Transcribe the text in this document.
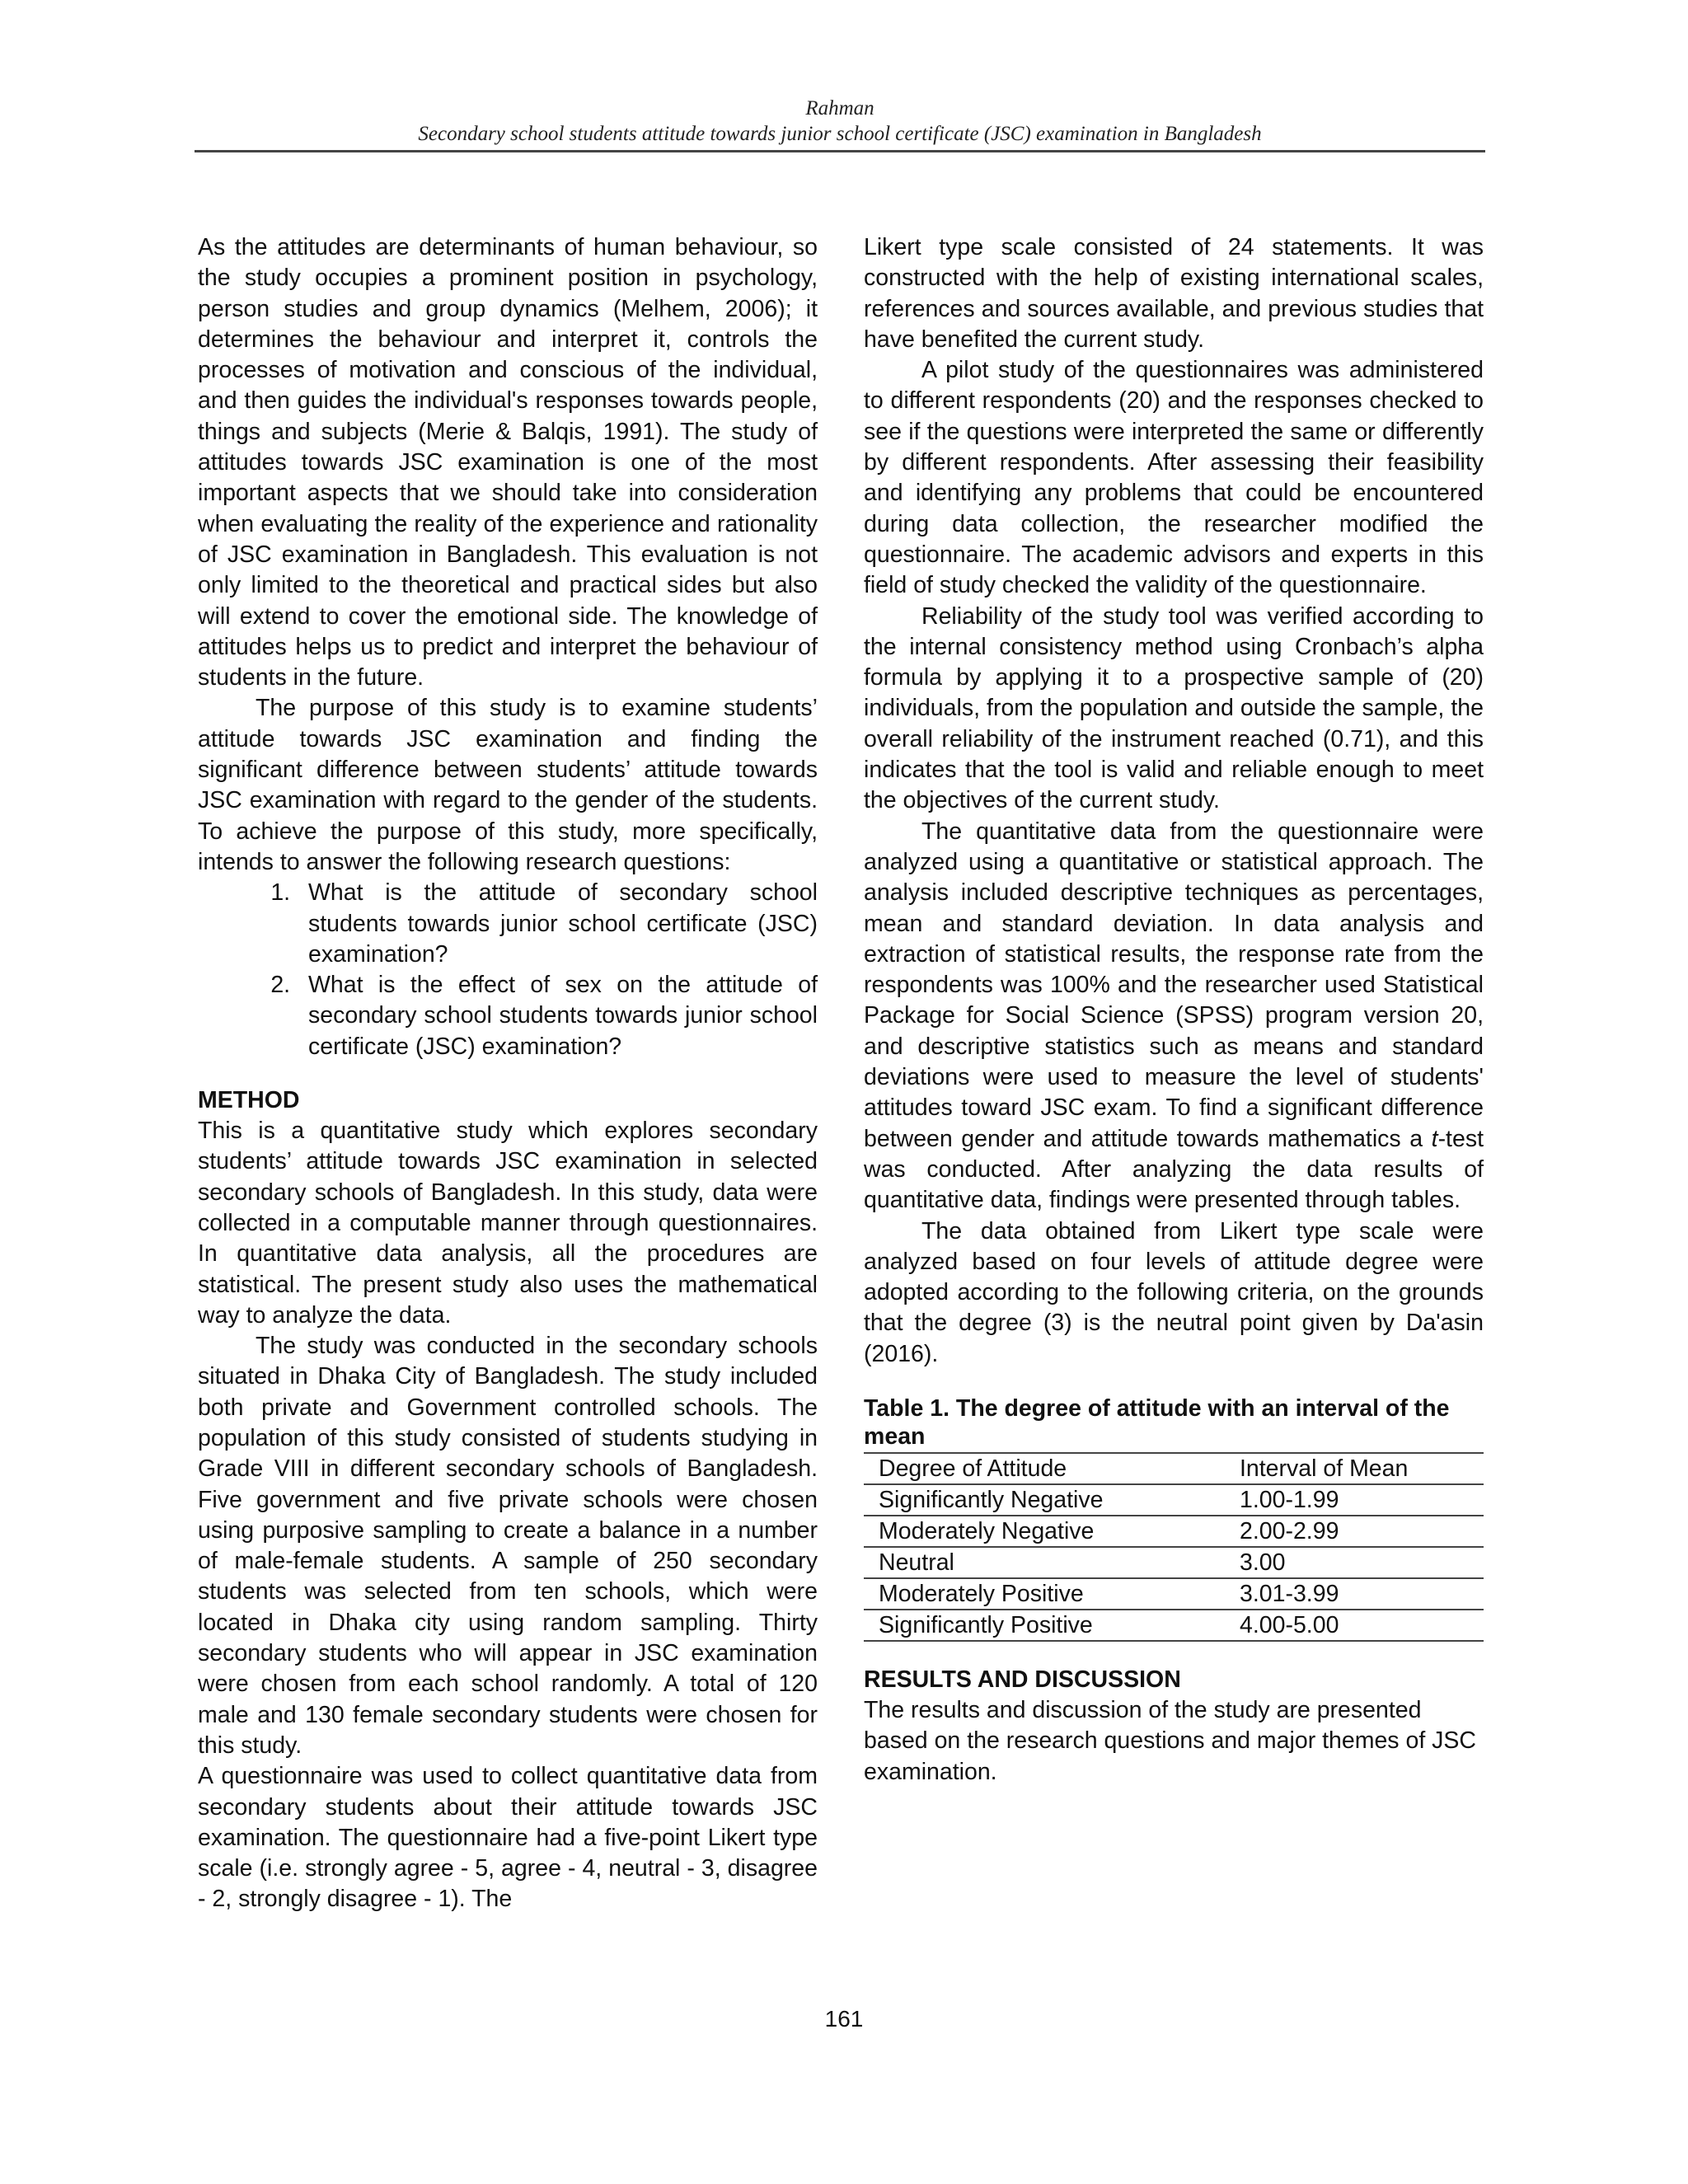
Rahman
Secondary school students attitude towards junior school certificate (JSC) examination in Bangladesh

As the attitudes are determinants of human behaviour, so the study occupies a prominent position in psychology, person studies and group dynamics (Melhem, 2006); it determines the behaviour and interpret it, controls the processes of motivation and conscious of the individual, and then guides the individual's responses towards people, things and subjects (Merie & Balqis, 1991). The study of attitudes towards JSC examination is one of the most important aspects that we should take into consideration when evaluating the reality of the experience and rationality of JSC examination in Bangladesh. This evaluation is not only limited to the theoretical and practical sides but also will extend to cover the emotional side. The knowledge of attitudes helps us to predict and interpret the behaviour of students in the future.

The purpose of this study is to examine students’ attitude towards JSC examination and finding the significant difference between students’ attitude towards JSC examination with regard to the gender of the students. To achieve the purpose of this study, more specifically, intends to answer the following research questions:

1. What is the attitude of secondary school students towards junior school certificate (JSC) examination?
2. What is the effect of sex on the attitude of secondary school students towards junior school certificate (JSC) examination?
METHOD

This is a quantitative study which explores secondary students’ attitude towards JSC examination in selected secondary schools of Bangladesh. In this study, data were collected in a computable manner through questionnaires. In quantitative data analysis, all the procedures are statistical. The present study also uses the mathematical way to analyze the data.

The study was conducted in the secondary schools situated in Dhaka City of Bangladesh. The study included both private and Government controlled schools. The population of this study consisted of students studying in Grade VIII in different secondary schools of Bangladesh. Five government and five private schools were chosen using purposive sampling to create a balance in a number of male-female students. A sample of 250 secondary students was selected from ten schools, which were located in Dhaka city using random sampling. Thirty secondary students who will appear in JSC examination were chosen from each school randomly. A total of 120 male and 130 female secondary students were chosen for this study.

A questionnaire was used to collect quantitative data from secondary students about their attitude towards JSC examination. The questionnaire had a five-point Likert type scale (i.e. strongly agree - 5, agree - 4, neutral - 3, disagree - 2, strongly disagree - 1). The

Likert type scale consisted of 24 statements. It was constructed with the help of existing international scales, references and sources available, and previous studies that have benefited the current study.

A pilot study of the questionnaires was administered to different respondents (20) and the responses checked to see if the questions were interpreted the same or differently by different respondents. After assessing their feasibility and identifying any problems that could be encountered during data collection, the researcher modified the questionnaire. The academic advisors and experts in this field of study checked the validity of the questionnaire.

Reliability of the study tool was verified according to the internal consistency method using Cronbach’s alpha formula by applying it to a prospective sample of (20) individuals, from the population and outside the sample, the overall reliability of the instrument reached (0.71), and this indicates that the tool is valid and reliable enough to meet the objectives of the current study.

The quantitative data from the questionnaire were analyzed using a quantitative or statistical approach. The analysis included descriptive techniques as percentages, mean and standard deviation. In data analysis and extraction of statistical results, the response rate from the respondents was 100% and the researcher used Statistical Package for Social Science (SPSS) program version 20, and descriptive statistics such as means and standard deviations were used to measure the level of students' attitudes toward JSC exam. To find a significant difference between gender and attitude towards mathematics a t-test was conducted. After analyzing the data results of quantitative data, findings were presented through tables.

The data obtained from Likert type scale were analyzed based on four levels of attitude degree were adopted according to the following criteria, on the grounds that the degree (3) is the neutral point given by Da'asin (2016).

Table 1. The degree of attitude with an interval of the mean
Degree of Attitude	Interval of Mean
Significantly Negative	1.00-1.99
Moderately Negative	2.00-2.99
Neutral	3.00
Moderately Positive	3.01-3.99
Significantly Positive	4.00-5.00
RESULTS AND DISCUSSION

The results and discussion of the study are presented based on the research questions and major themes of JSC examination.

161
